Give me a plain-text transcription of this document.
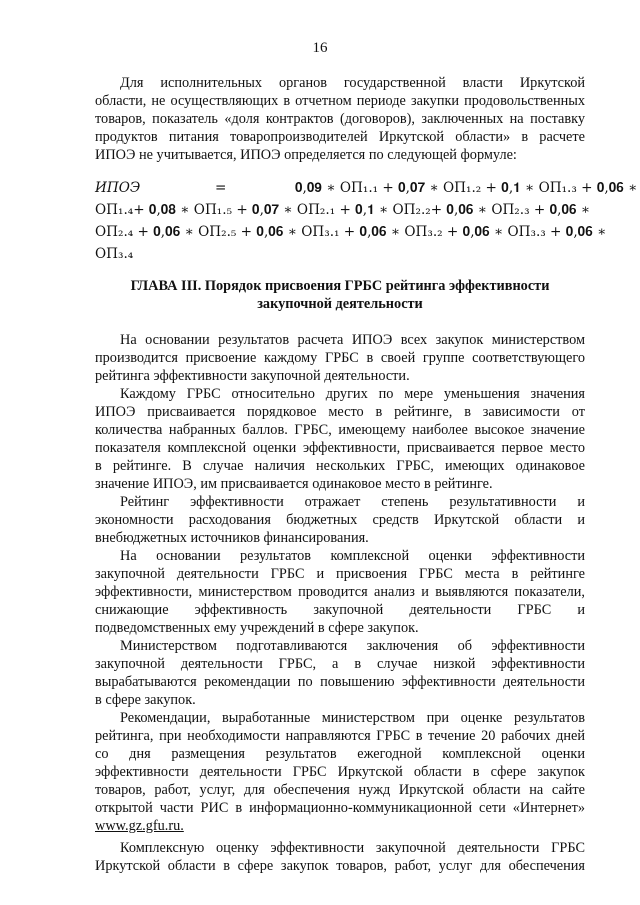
16
Для исполнительных органов государственной власти Иркутской
области, не осуществляющих в отчетном периоде закупки продовольственных
товаров, показатель «доля контрактов (договоров), заключенных на поставку
продуктов питания товаропроизводителей Иркутской области» в расчете
ИПОЭ не учитывается, ИПОЭ определяется по следующей формуле:
ИПОЭ	=	𝟎,𝟎𝟗 ∗ ОП₁.₁ + 𝟎,𝟎𝟕 ∗ ОП₁.₂ + 𝟎,𝟏 ∗ ОП₁.₃ + 𝟎,𝟎𝟔 ∗
ОП₁.₄+ 𝟎,𝟎𝟖 ∗ ОП₁.₅ + 𝟎,𝟎𝟕 ∗ ОП₂.₁ + 𝟎,𝟏 ∗ ОП₂.₂+ 𝟎,𝟎𝟔 ∗ ОП₂.₃ + 𝟎,𝟎𝟔 ∗
ОП₂.₄ + 𝟎,𝟎𝟔 ∗ ОП₂.₅ + 𝟎,𝟎𝟔 ∗ ОП₃.₁ + 𝟎,𝟎𝟔 ∗ ОП₃.₂ + 𝟎,𝟎𝟔 ∗ ОП₃.₃ + 𝟎,𝟎𝟔 ∗
ОП₃.₄
ГЛАВА III. Порядок присвоения ГРБС рейтинга эффективности
закупочной деятельности
На основании результатов расчета ИПОЭ всех закупок министерством
производится присвоение каждому ГРБС в своей группе соответствующего
рейтинга эффективности закупочной деятельности.
Каждому ГРБС относительно других по мере уменьшения значения
ИПОЭ присваивается порядковое место в рейтинге, в зависимости от
количества набранных баллов. ГРБС, имеющему наиболее высокое значение
показателя комплексной оценки эффективности, присваивается первое место
в рейтинге. В случае наличия нескольких ГРБС, имеющих одинаковое
значение ИПОЭ, им присваивается одинаковое место в рейтинге.
Рейтинг эффективности отражает степень результативности и
экономности расходования бюджетных средств Иркутской области и
внебюджетных источников финансирования.
На основании результатов комплексной оценки эффективности
закупочной деятельности ГРБС и присвоения ГРБС места в рейтинге
эффективности, министерством проводится анализ и выявляются показатели,
снижающие эффективность закупочной деятельности ГРБС и
подведомственных ему учреждений в сфере закупок.
Министерством подготавливаются заключения об эффективности
закупочной деятельности ГРБС, а в случае низкой эффективности
вырабатываются рекомендации по повышению эффективности деятельности
в сфере закупок.
Рекомендации, выработанные министерством при оценке результатов
рейтинга, при необходимости направляются ГРБС в течение 20 рабочих дней
со дня размещения результатов ежегодной комплексной оценки
эффективности деятельности ГРБС Иркутской области в сфере закупок
товаров, работ, услуг, для обеспечения нужд Иркутской области на сайте
открытой части РИС в информационно-коммуникационной сети «Интернет»
www.gz.gfu.ru.
Комплексную оценку эффективности закупочной деятельности ГРБС
Иркутской области в сфере закупок товаров, работ, услуг для обеспечения
